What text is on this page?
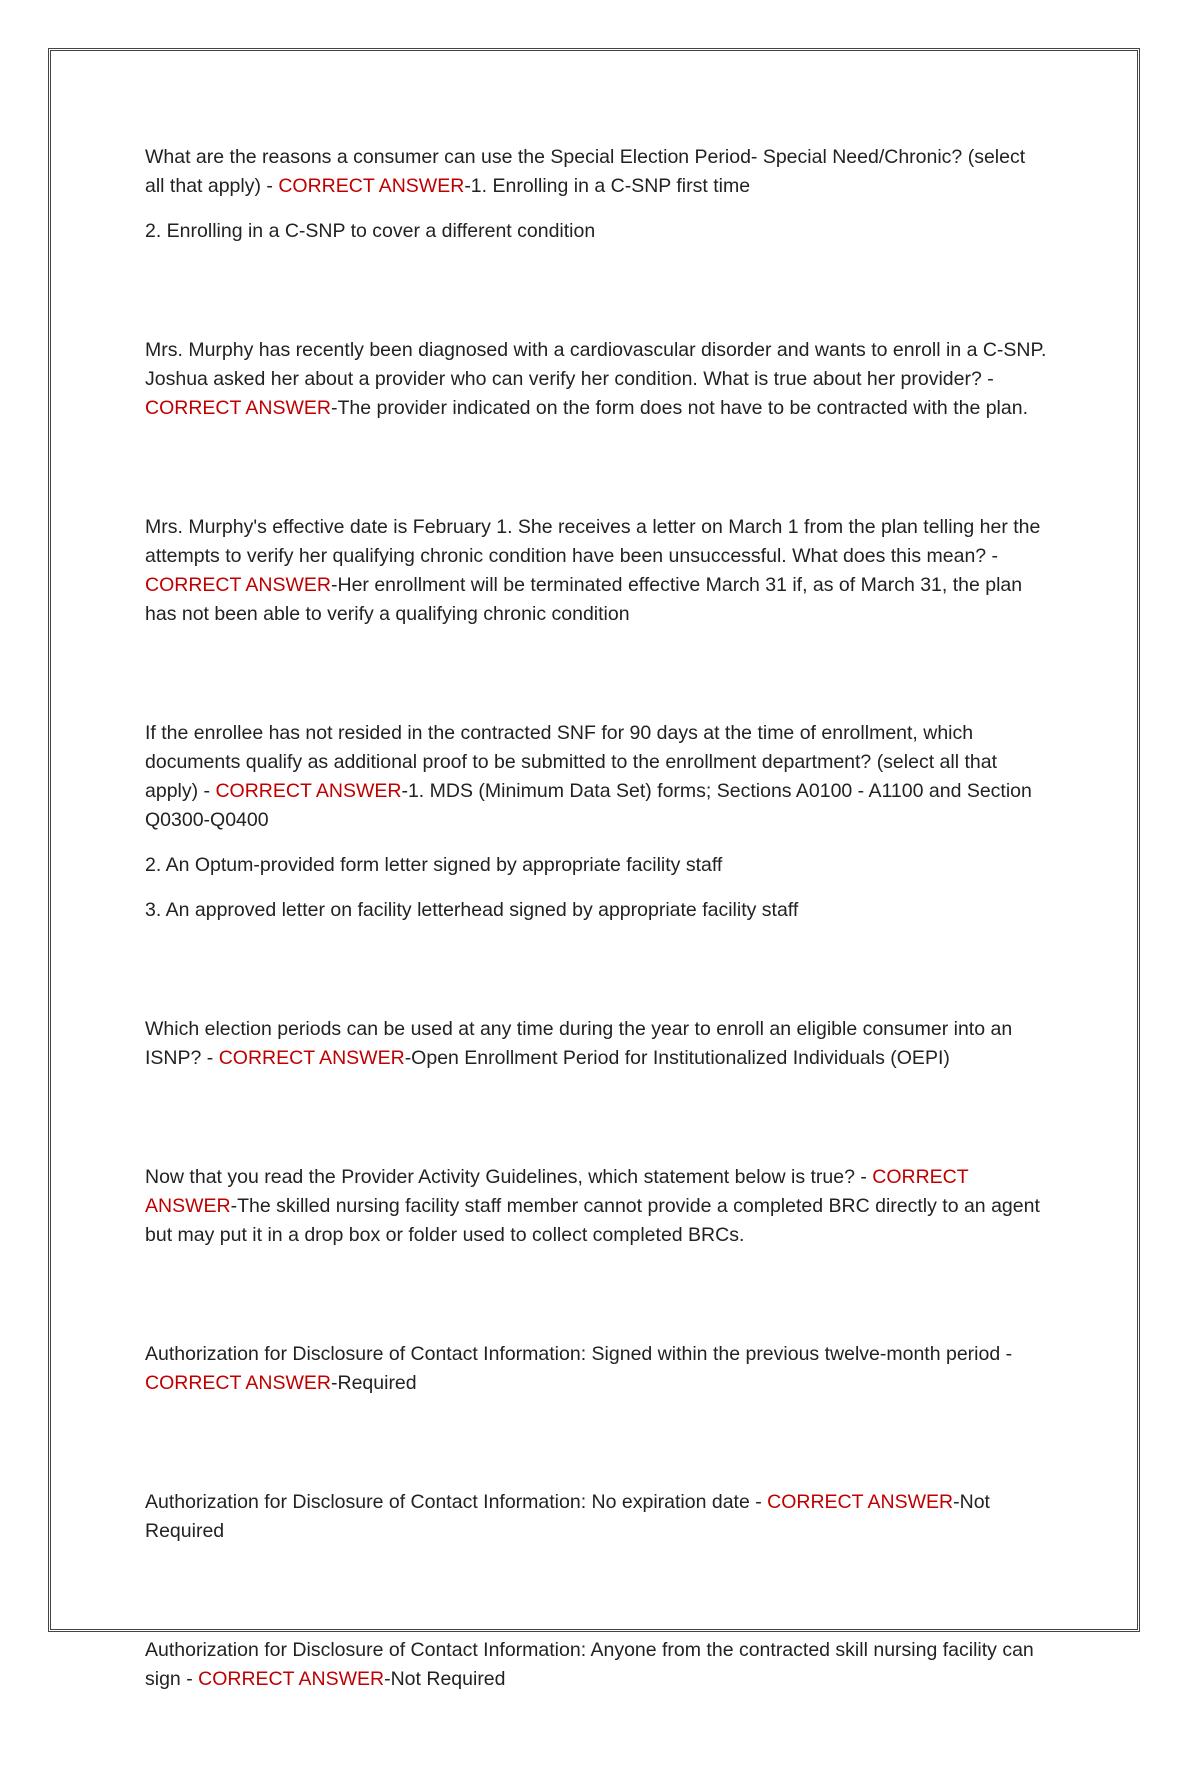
What are the reasons a consumer can use the Special Election Period- Special Need/Chronic? (select all that apply) - CORRECT ANSWER-1. Enrolling in a C-SNP first time

2. Enrolling in a C-SNP to cover a different condition

Mrs. Murphy has recently been diagnosed with a cardiovascular disorder and wants to enroll in a C-SNP. Joshua asked her about a provider who can verify her condition. What is true about her provider? - CORRECT ANSWER-The provider indicated on the form does not have to be contracted with the plan.

Mrs. Murphy's effective date is February 1. She receives a letter on March 1 from the plan telling her the attempts to verify her qualifying chronic condition have been unsuccessful. What does this mean? - CORRECT ANSWER-Her enrollment will be terminated effective March 31 if, as of March 31, the plan has not been able to verify a qualifying chronic condition

If the enrollee has not resided in the contracted SNF for 90 days at the time of enrollment, which documents qualify as additional proof to be submitted to the enrollment department? (select all that apply) - CORRECT ANSWER-1. MDS (Minimum Data Set) forms; Sections A0100 - A1100 and Section Q0300-Q0400

2. An Optum-provided form letter signed by appropriate facility staff

3. An approved letter on facility letterhead signed by appropriate facility staff

Which election periods can be used at any time during the year to enroll an eligible consumer into an ISNP? - CORRECT ANSWER-Open Enrollment Period for Institutionalized Individuals (OEPI)

Now that you read the Provider Activity Guidelines, which statement below is true? - CORRECT ANSWER-The skilled nursing facility staff member cannot provide a completed BRC directly to an agent but may put it in a drop box or folder used to collect completed BRCs.

Authorization for Disclosure of Contact Information: Signed within the previous twelve-month period - CORRECT ANSWER-Required

Authorization for Disclosure of Contact Information: No expiration date - CORRECT ANSWER-Not Required

Authorization for Disclosure of Contact Information: Anyone from the contracted skill nursing facility can sign - CORRECT ANSWER-Not Required
